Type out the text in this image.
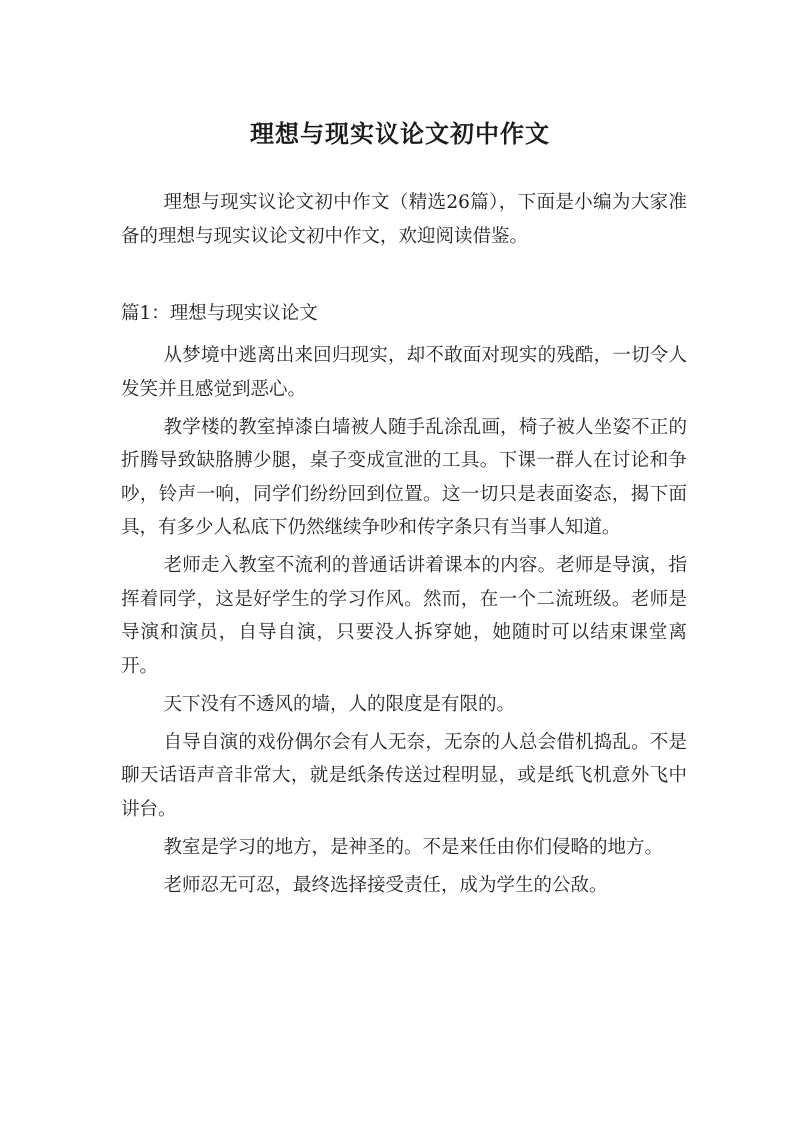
理想与现实议论文初中作文

理想与现实议论文初中作文（精选26篇），下面是小编为大家准备的理想与现实议论文初中作文，欢迎阅读借鉴。

篇1：理想与现实议论文

从梦境中逃离出来回归现实，却不敢面对现实的残酷，一切令人发笑并且感觉到恶心。

教学楼的教室掉漆白墙被人随手乱涂乱画，椅子被人坐姿不正的折腾导致缺胳膊少腿，桌子变成宣泄的工具。下课一群人在讨论和争吵，铃声一响，同学们纷纷回到位置。这一切只是表面姿态，揭下面具，有多少人私底下仍然继续争吵和传字条只有当事人知道。

老师走入教室不流利的普通话讲着课本的内容。老师是导演，指挥着同学，这是好学生的学习作风。然而，在一个二流班级。老师是导演和演员，自导自演，只要没人拆穿她，她随时可以结束课堂离开。

天下没有不透风的墙，人的限度是有限的。

自导自演的戏份偶尔会有人无奈，无奈的人总会借机捣乱。不是聊天话语声音非常大，就是纸条传送过程明显，或是纸飞机意外飞中讲台。

教室是学习的地方，是神圣的。不是来任由你们侵略的地方。

老师忍无可忍，最终选择接受责任，成为学生的公敌。
